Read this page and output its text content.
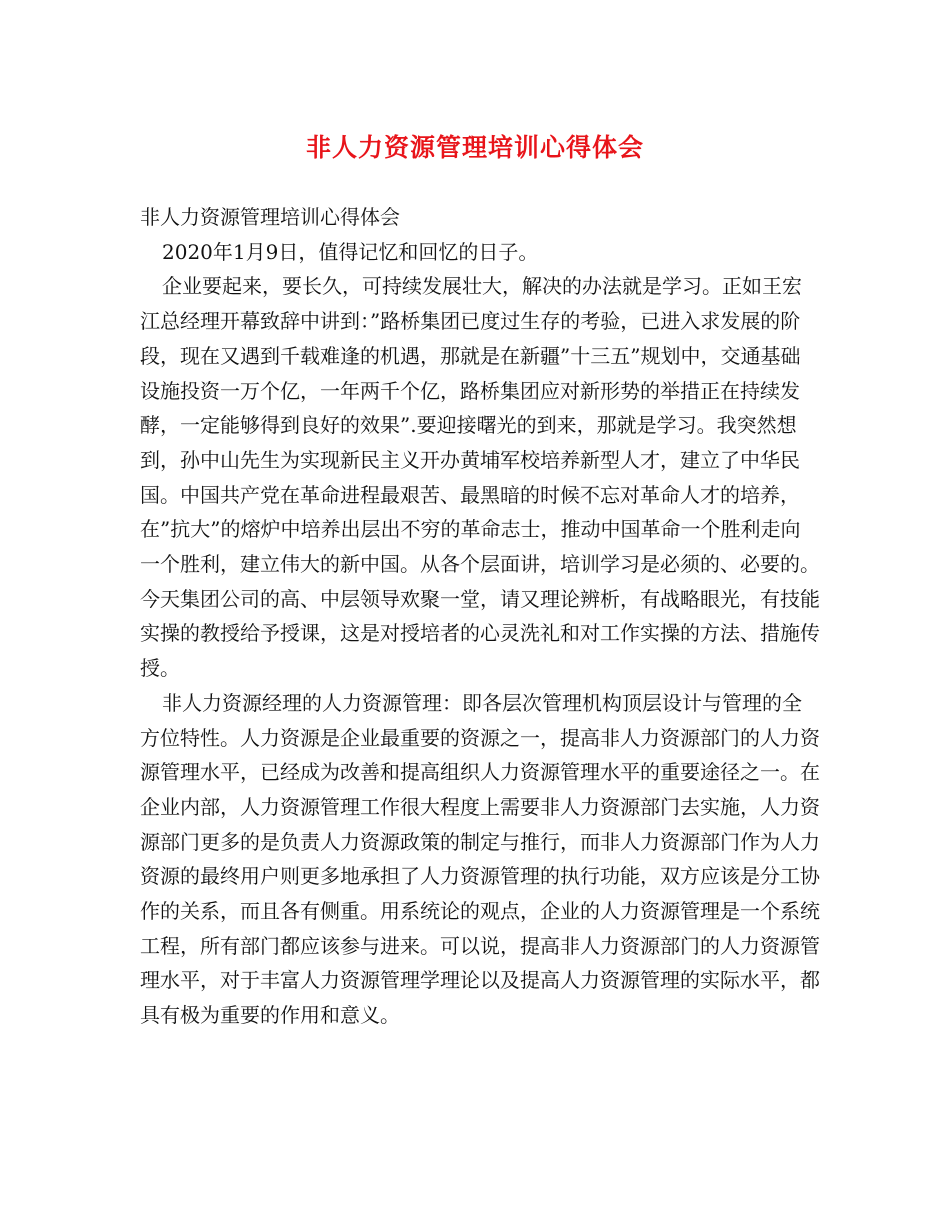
非人力资源管理培训心得体会

非人力资源管理培训心得体会

2020年1月9日，值得记忆和回忆的日子。

企业要起来，要长久，可持续发展壮大，解决的办法就是学习。正如王宏江总经理开幕致辞中讲到：”路桥集团已度过生存的考验，已进入求发展的阶段，现在又遇到千载难逢的机遇，那就是在新疆”十三五”规划中，交通基础设施投资一万个亿，一年两千个亿，路桥集团应对新形势的举措正在持续发酵，一定能够得到良好的效果”.要迎接曙光的到来，那就是学习。我突然想到，孙中山先生为实现新民主义开办黄埔军校培养新型人才，建立了中华民国。中国共产党在革命进程最艰苦、最黑暗的时候不忘对革命人才的培养，在”抗大”的熔炉中培养出层出不穷的革命志士，推动中国革命一个胜利走向一个胜利，建立伟大的新中国。从各个层面讲，培训学习是必须的、必要的。今天集团公司的高、中层领导欢聚一堂，请又理论辨析，有战略眼光，有技能实操的教授给予授课，这是对授培者的心灵洗礼和对工作实操的方法、措施传授。

非人力资源经理的人力资源管理：即各层次管理机构顶层设计与管理的全方位特性。人力资源是企业最重要的资源之一，提高非人力资源部门的人力资源管理水平，已经成为改善和提高组织人力资源管理水平的重要途径之一。在企业内部，人力资源管理工作很大程度上需要非人力资源部门去实施，人力资源部门更多的是负责人力资源政策的制定与推行，而非人力资源部门作为人力资源的最终用户则更多地承担了人力资源管理的执行功能，双方应该是分工协作的关系，而且各有侧重。用系统论的观点，企业的人力资源管理是一个系统工程，所有部门都应该参与进来。可以说，提高非人力资源部门的人力资源管理水平，对于丰富人力资源管理学理论以及提高人力资源管理的实际水平，都具有极为重要的作用和意义。
